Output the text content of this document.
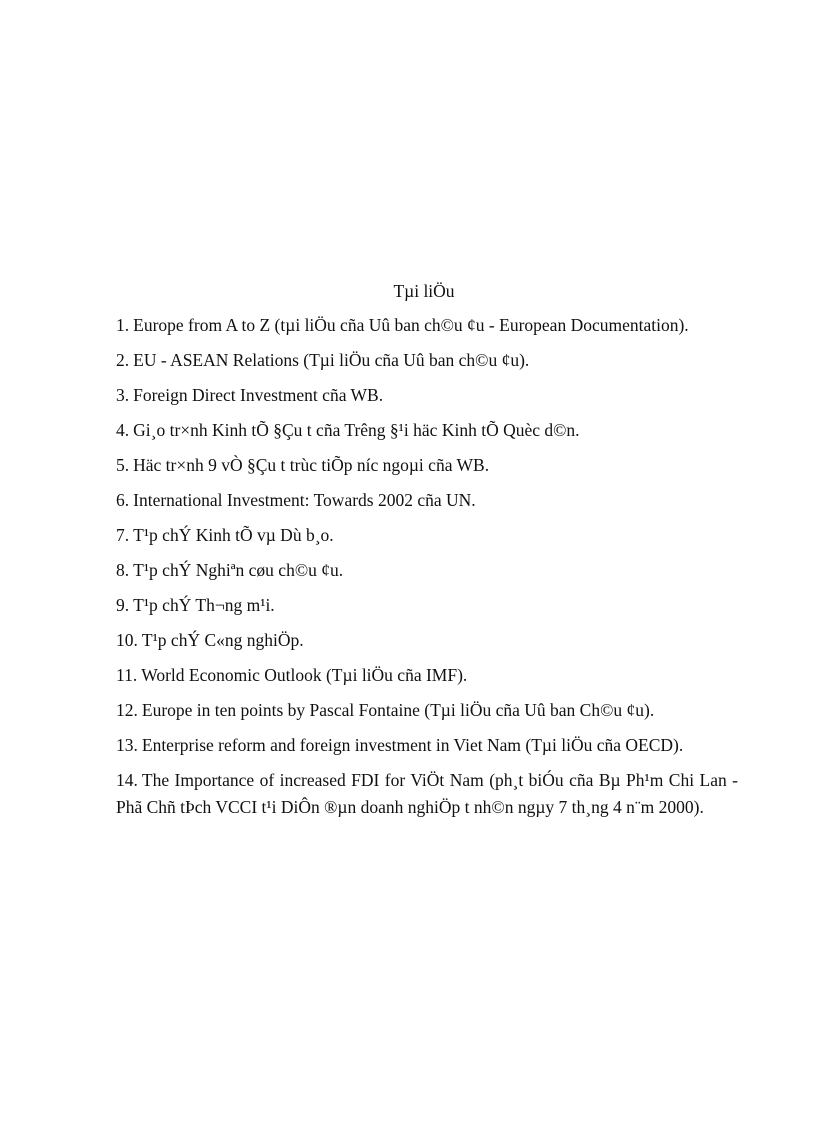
Tµi liÖu
1. Europe from A to Z (tµi liÖu cña Uû ban ch©u ¢u - European Documentation).
2. EU - ASEAN Relations (Tµi liÖu cña Uû ban ch©u ¢u).
3. Foreign Direct Investment cña WB.
4. Gi¸o tr×nh Kinh tÕ §Çu t cña Trêng §¹i häc Kinh tÕ Quèc d©n.
5. Häc tr×nh 9 vÒ §Çu t trùc tiÕp níc ngoµi cña WB.
6. International Investment: Towards 2002 cña UN.
7. T¹p chÝ Kinh tÕ vµ Dù b¸o.
8. T¹p chÝ Nghiªn cøu ch©u ¢u.
9. T¹p chÝ Th¬ng m¹i.
10. T¹p chÝ C«ng nghiÖp.
11. World Economic Outlook (Tµi liÖu cña IMF).
12. Europe in ten points by Pascal Fontaine (Tµi liÖu cña Uû ban Ch©u ¢u).
13. Enterprise reform and foreign investment in Viet Nam (Tµi liÖu cña OECD).
14. The Importance of increased FDI for ViÖt Nam (ph¸t biÓu cña Bµ Ph¹m Chi Lan - Phã Chñ tÞch VCCI t¹i DiÔn ®µn doanh nghiÖp t nh©n ngµy 7 th¸ng 4 n¨m 2000).
